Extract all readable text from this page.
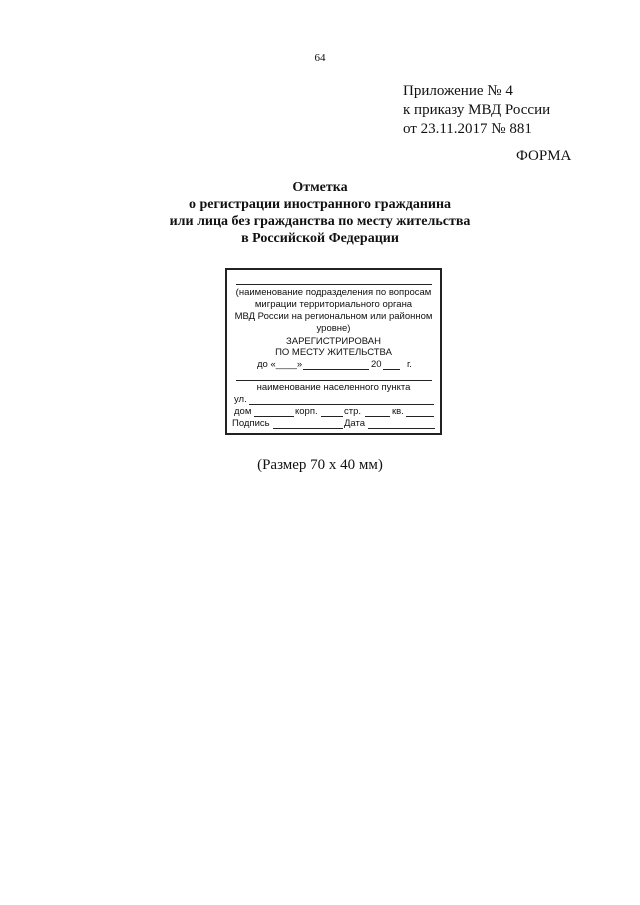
64
Приложение № 4
к приказу МВД России
от 23.11.2017 № 881
ФОРМА
Отметка
о регистрации иностранного гражданина
или лица без гражданства по месту жительства
в Российской Федерации
(наименование подразделения по вопросам
миграции территориального органа
МВД России на региональном или районном
уровне)
ЗАРЕГИСТРИРОВАН
ПО МЕСТУ ЖИТЕЛЬСТВА
до «____»	20	г.
наименование населенного пункта
ул.
дом	корп.	стр.	кв.
Подпись	Дата
(Размер 70 х 40 мм)
